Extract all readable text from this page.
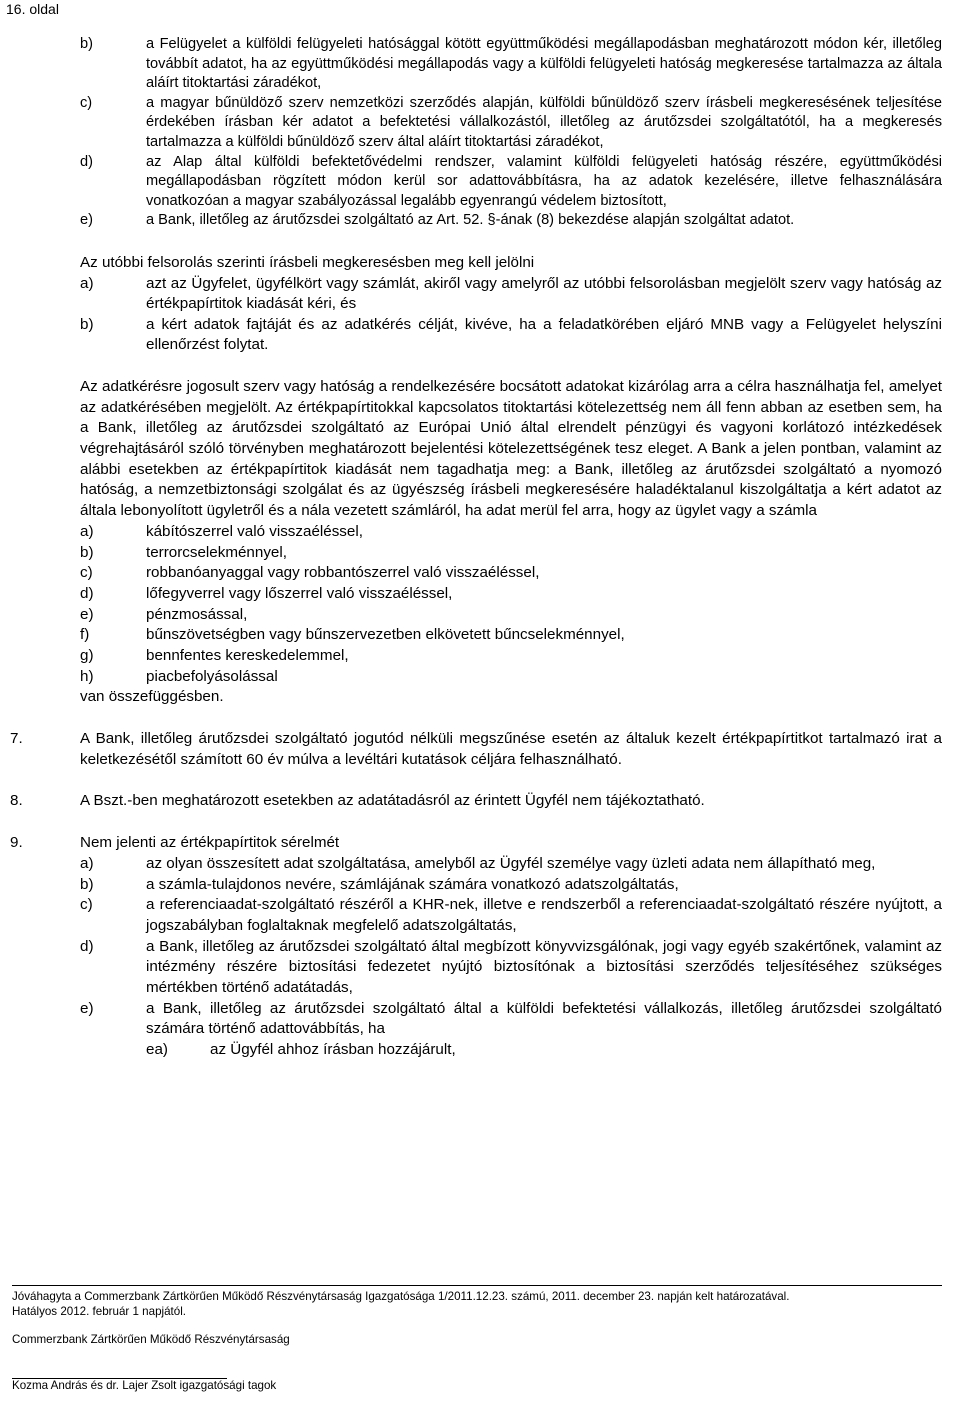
16. oldal
b)	a Felügyelet a külföldi felügyeleti hatósággal kötött együttműködési megállapodásban meghatározott módon kér, illetőleg továbbít adatot, ha az együttműködési megállapodás vagy a külföldi felügyeleti hatóság megkeresése tartalmazza az általa aláírt titoktartási záradékot,
c)	a magyar bűnüldöző szerv nemzetközi szerződés alapján, külföldi bűnüldöző szerv írásbeli megkeresésének teljesítése érdekében írásban kér adatot a befektetési vállalkozástól, illetőleg az árutőzsdei szolgáltatótól, ha a megkeresés tartalmazza a külföldi bűnüldöző szerv által aláírt titoktartási záradékot,
d)	az Alap által külföldi befektetővédelmi rendszer, valamint külföldi felügyeleti hatóság részére, együttműködési megállapodásban rögzített módon kerül sor adattovábbításra, ha az adatok kezelésére, illetve felhasználására vonatkozóan a magyar szabályozással legalább egyenrangú védelem biztosított,
e)	a Bank, illetőleg az árutőzsdei szolgáltató az Art. 52. §-ának (8) bekezdése alapján szolgáltat adatot.
Az utóbbi felsorolás szerinti írásbeli megkeresésben meg kell jelölni
a)	azt az Ügyfelet, ügyfélkört vagy számlát, akiről vagy amelyről az utóbbi felsorolásban megjelölt szerv vagy hatóság az értékpapírtitok kiadását kéri, és
b)	a kért adatok fajtáját és az adatkérés célját, kivéve, ha a feladatkörében eljáró MNB vagy a Felügyelet helyszíni ellenőrzést folytat.
Az adatkérésre jogosult szerv vagy hatóság a rendelkezésére bocsátott adatokat kizárólag arra a célra használhatja fel, amelyet az adatkérésében megjelölt. Az értékpapírtitokkal kapcsolatos titoktartási kötelezettség nem áll fenn abban az esetben sem, ha a Bank, illetőleg az árutőzsdei szolgáltató az Európai Unió által elrendelt pénzügyi és vagyoni korlátozó intézkedések végrehajtásáról szóló törvényben meghatározott bejelentési kötelezettségének tesz eleget. A Bank a jelen pontban, valamint az alábbi esetekben az értékpapírtitok kiadását nem tagadhatja meg: a Bank, illetőleg az árutőzsdei szolgáltató a nyomozó hatóság, a nemzetbiztonsági szolgálat és az ügyészség írásbeli megkeresésére haladéktalanul kiszolgáltatja a kért adatot az általa lebonyolított ügyletről és a nála vezetett számláról, ha adat merül fel arra, hogy az ügylet vagy a számla
a)	kábítószerrel való visszaéléssel,
b)	terrorcselekménnyel,
c)	robbanóanyaggal vagy robbantószerrel való visszaéléssel,
d)	lőfegyverrel vagy lőszerrel való visszaéléssel,
e)	pénzmosással,
f)	bűnszövetségben vagy bűnszervezetben elkövetett bűncselekménnyel,
g)	bennfentes kereskedelemmel,
h)	piacbefolyásolással
van összefüggésben.
7.	A Bank, illetőleg árutőzsdei szolgáltató jogutód nélküli megszűnése esetén az általuk kezelt értékpapírtitkot tartalmazó irat a keletkezésétől számított 60 év múlva a levéltári kutatások céljára felhasználható.
8.	A Bszt.-ben meghatározott esetekben az adatátadásról az érintett Ügyfél nem tájékoztatható.
9.	Nem jelenti az értékpapírtitok sérelmét
a)	az olyan összesített adat szolgáltatása, amelyből az Ügyfél személye vagy üzleti adata nem állapítható meg,
b)	a számla-tulajdonos nevére, számlájának számára vonatkozó adatszolgáltatás,
c)	a referenciaadat-szolgáltató részéről a KHR-nek, illetve e rendszerből a referenciaadat-szolgáltató részére nyújtott, a jogszabályban foglaltaknak megfelelő adatszolgáltatás,
d)	a Bank, illetőleg az árutőzsdei szolgáltató által megbízott könyvvizsgálónak, jogi vagy egyéb szakértőnek, valamint az intézmény részére biztosítási fedezetet nyújtó biztosítónak a biztosítási szerződés teljesítéséhez szükséges mértékben történő adatátadás,
e)	a Bank, illetőleg az árutőzsdei szolgáltató által a külföldi befektetési vállalkozás, illetőleg árutőzsdei szolgáltató számára történő adattovábbítás, ha
ea)	az Ügyfél ahhoz írásban hozzájárult,
Jóváhagyta a Commerzbank Zártkörűen Működő Részvénytársaság Igazgatósága 1/2011.12.23. számú, 2011. december 23. napján kelt határozatával.
Hatályos 2012. február 1 napjától.
Commerzbank Zártkörűen Működő Részvénytársaság
Kozma András és dr. Lajer Zsolt igazgatósági tagok
